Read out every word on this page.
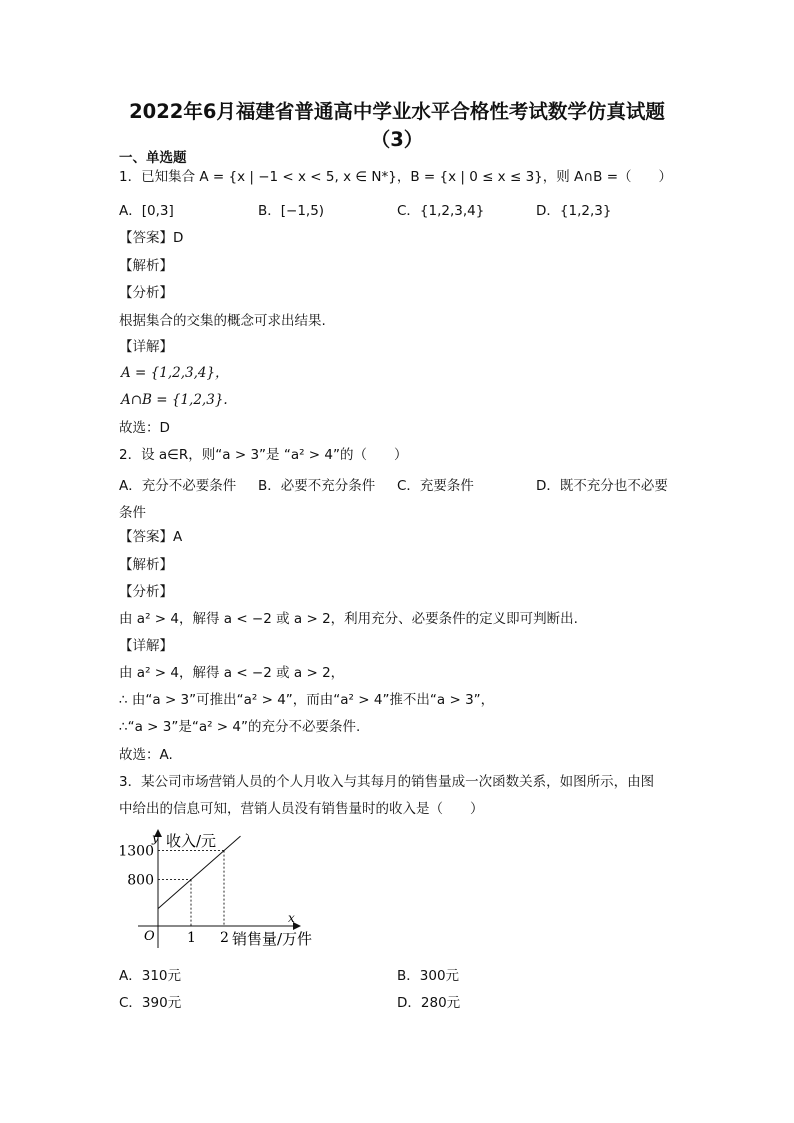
2022年6月福建省普通高中学业水平合格性考试数学仿真试题
（3）
一、单选题
1．已知集合 A = {x | −1 < x < 5, x ∈ N*}，B = {x | 0 ≤ x ≤ 3}，则 A∩B =（　　）
A．[0,3]	B．[−1,5)	C．{1,2,3,4}	D．{1,2,3}
【答案】D
【解析】
【分析】
根据集合的交集的概念可求出结果.
【详解】
A = {1,2,3,4}，
A∩B = {1,2,3}.
故选：D
2．设 a∈R，则“a > 3”是 “a² > 4”的（　　）
A．充分不必要条件 B．必要不充分条件 C．充要条件	D．既不充分也不必要
条件
【答案】A
【解析】
【分析】
由 a² > 4，解得 a < −2 或 a > 2，利用充分、必要条件的定义即可判断出.
【详解】
由 a² > 4，解得 a < −2 或 a > 2，
∴ 由“a > 3”可推出“a² > 4”，而由“a² > 4”推不出“a > 3”，
∴“a > 3”是“a² > 4”的充分不必要条件.
故选：A.
3．某公司市场营销人员的个人月收入与其每月的销售量成一次函数关系，如图所示，由图
中给出的信息可知，营销人员没有销售量时的收入是（　　）
1 2
800
1300
y 收入/元
x
销售量/万件
O
A．310元	B．300元
C．390元	D．280元
